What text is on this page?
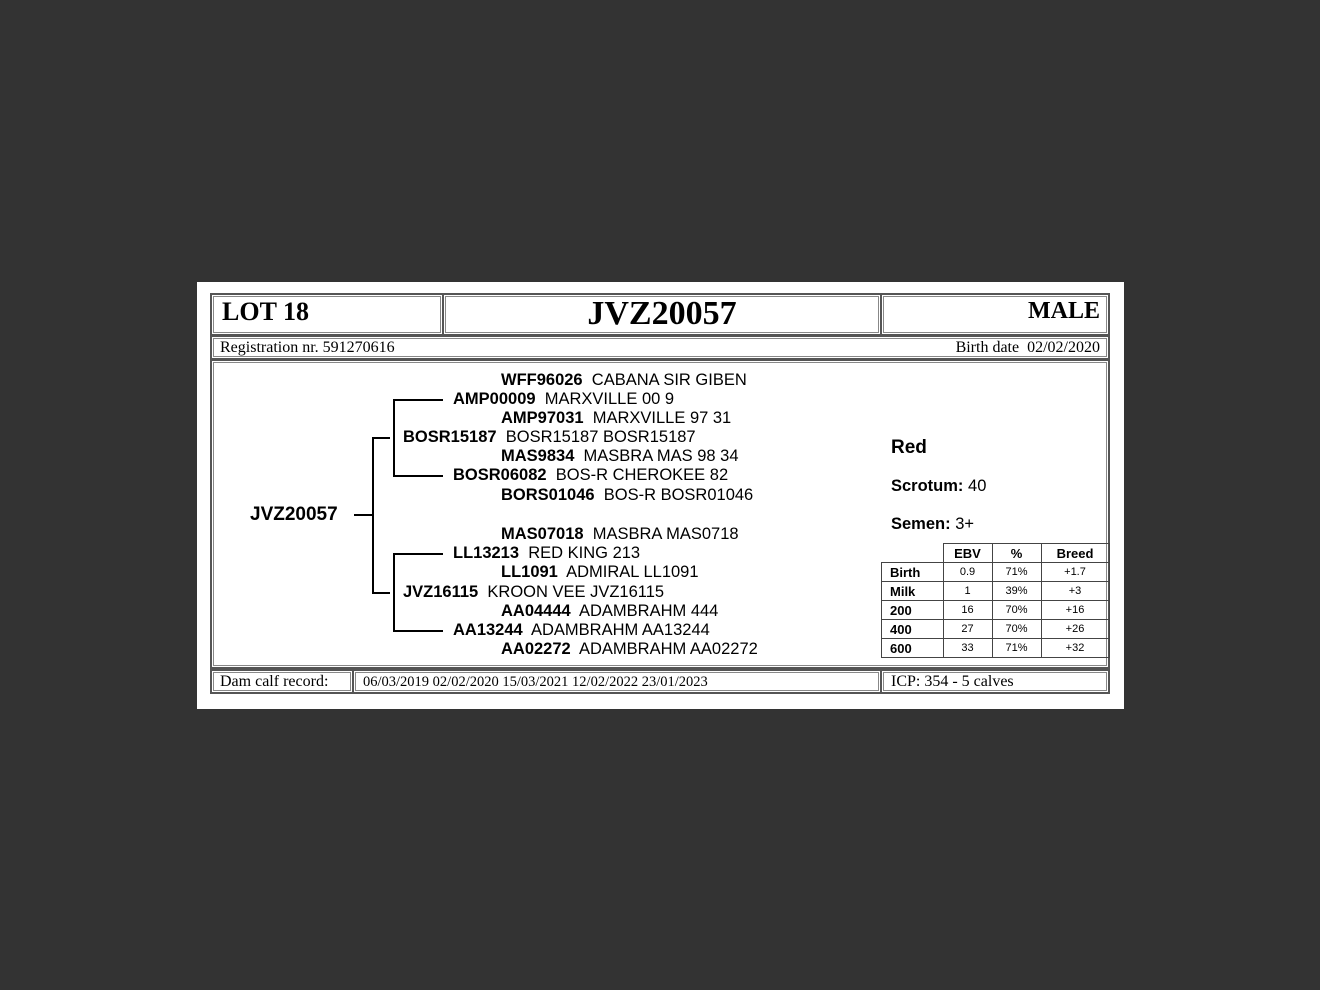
LOT 18	JVZ20057	MALE
Registration nr. 591270616	Birth date 02/02/2020
JVZ20057
WFF96026 CABANA SIR GIBEN
AMP00009 MARXVILLE 00 9
AMP97031 MARXVILLE 97 31
BOSR15187 BOSR15187 BOSR15187
MAS9834 MASBRA MAS 98 34
BOSR06082 BOS-R CHEROKEE 82
BORS01046 BOS-R BOSR01046
MAS07018 MASBRA MAS0718
LL13213 RED KING 213
LL1091 ADMIRAL LL1091
JVZ16115 KROON VEE JVZ16115
AA04444 ADAMBRAHM 444
AA13244 ADAMBRAHM AA13244
AA02272 ADAMBRAHM AA02272
Red
Scrotum: 40
Semen: 3+
	EBV	%	Breed
Birth	0.9	71%	+1.7
Milk	1	39%	+3
200	16	70%	+16
400	27	70%	+26
600	33	71%	+32
Dam calf record: 06/03/2019 02/02/2020 15/03/2021 12/02/2022 23/01/2023	ICP: 354 - 5 calves
